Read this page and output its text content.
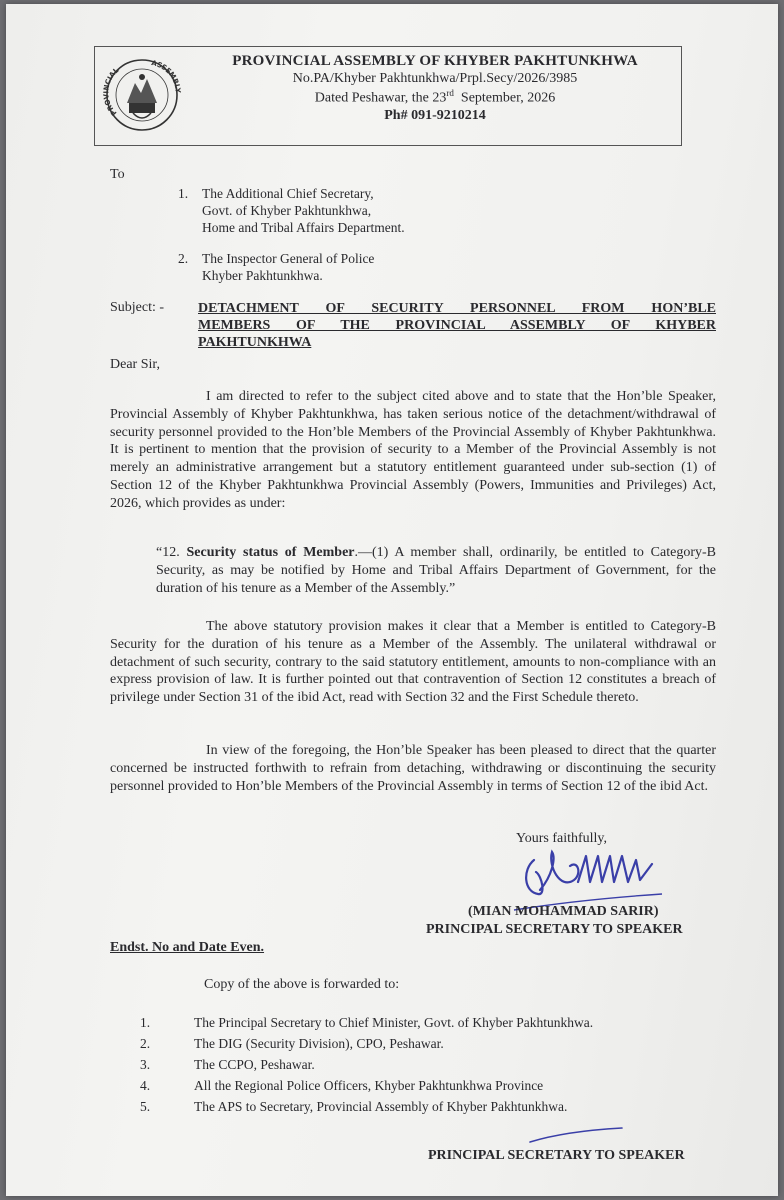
PROVINCIAL
ASSEMBLY
PROVINCIAL ASSEMBLY OF KHYBER PAKHTUNKHWA
No.PA/Khyber Pakhtunkhwa/Prpl.Secy/2026/3985
Dated Peshawar, the 23rd September, 2026
Ph# 091-9210214
To
1.	The Additional Chief Secretary,
Govt. of Khyber Pakhtunkhwa,
Home and Tribal Affairs Department.
2.	The Inspector General of Police
Khyber Pakhtunkhwa.
Subject: - DETACHMENT OF SECURITY PERSONNEL FROM HON’BLE
MEMBERS OF THE PROVINCIAL ASSEMBLY OF KHYBER
PAKHTUNKHWA
Dear Sir,
I am directed to refer to the subject cited above and to state that the Hon’ble Speaker, Provincial Assembly of Khyber Pakhtunkhwa, has taken serious notice of the detachment/withdrawal of security personnel provided to the Hon’ble Members of the Provincial Assembly of Khyber Pakhtunkhwa. It is pertinent to mention that the provision of security to a Member of the Provincial Assembly is not merely an administrative arrangement but a statutory entitlement guaranteed under sub-section (1) of Section 12 of the Khyber Pakhtunkhwa Provincial Assembly (Powers, Immunities and Privileges) Act, 2026, which provides as under:
“12. Security status of Member.—(1) A member shall, ordinarily, be entitled to Category-B Security, as may be notified by Home and Tribal Affairs Department of Government, for the duration of his tenure as a Member of the Assembly.”
The above statutory provision makes it clear that a Member is entitled to Category-B Security for the duration of his tenure as a Member of the Assembly. The unilateral withdrawal or detachment of such security, contrary to the said statutory entitlement, amounts to non-compliance with an express provision of law. It is further pointed out that contravention of Section 12 constitutes a breach of privilege under Section 31 of the ibid Act, read with Section 32 and the First Schedule thereto.
In view of the foregoing, the Hon’ble Speaker has been pleased to direct that the quarter concerned be instructed forthwith to refrain from detaching, withdrawing or discontinuing the security personnel provided to Hon’ble Members of the Provincial Assembly in terms of Section 12 of the ibid Act.
Yours faithfully,
(MIAN MOHAMMAD SARIR)
PRINCIPAL SECRETARY TO SPEAKER
Endst. No and Date Even.
Copy of the above is forwarded to:
1.	The Principal Secretary to Chief Minister, Govt. of Khyber Pakhtunkhwa.
2.	The DIG (Security Division), CPO, Peshawar.
3.	The CCPO, Peshawar.
4.	All the Regional Police Officers, Khyber Pakhtunkhwa Province
5.	The APS to Secretary, Provincial Assembly of Khyber Pakhtunkhwa.
PRINCIPAL SECRETARY TO SPEAKER
